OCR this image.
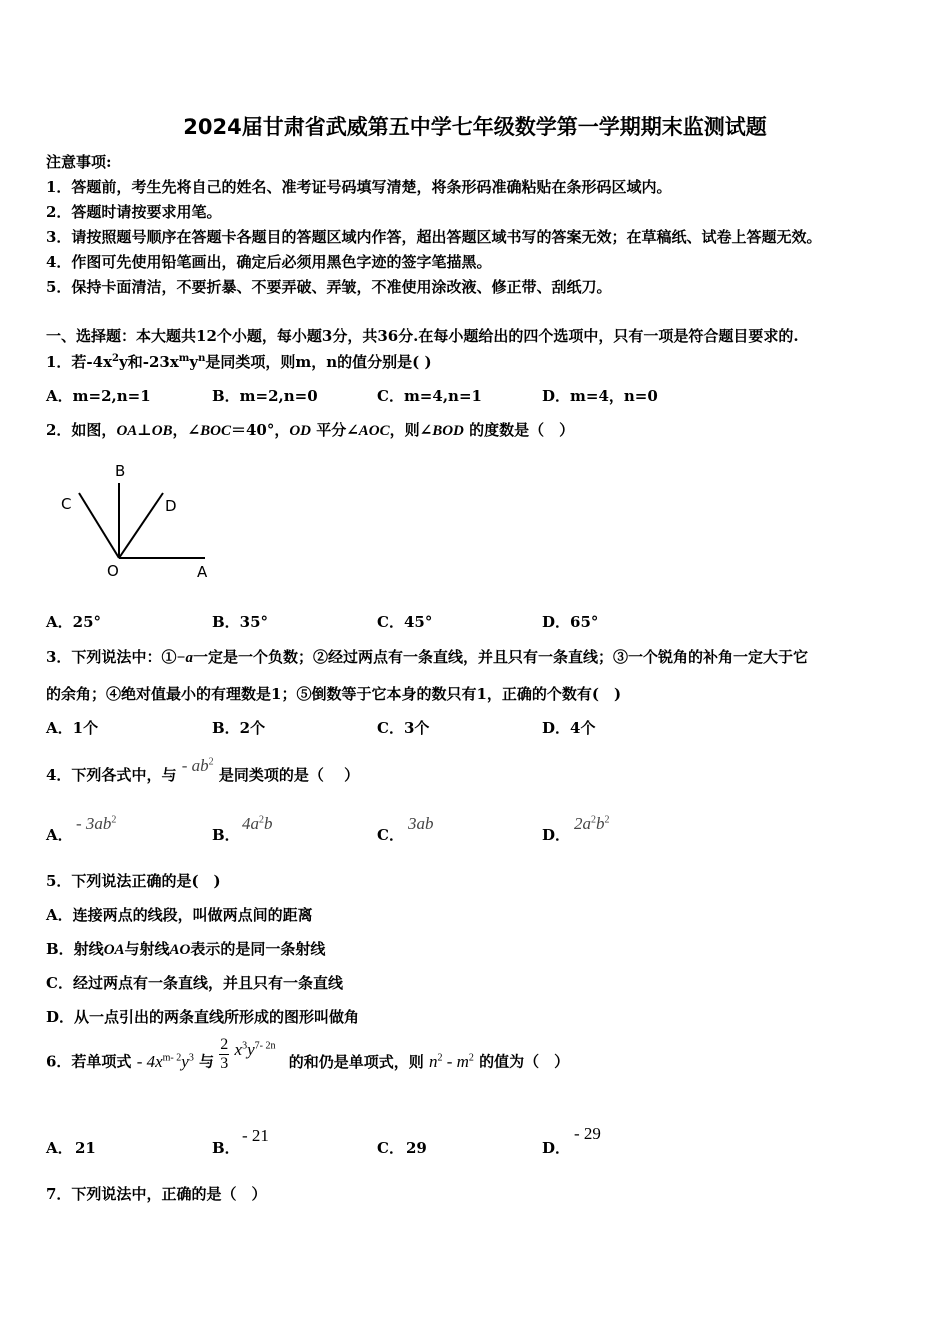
2024届甘肃省武威第五中学七年级数学第一学期期末监测试题
注意事项:
1．答题前，考生先将自己的姓名、准考证号码填写清楚，将条形码准确粘贴在条形码区域内。
2．答题时请按要求用笔。
3．请按照题号顺序在答题卡各题目的答题区域内作答，超出答题区域书写的答案无效；在草稿纸、试卷上答题无效。
4．作图可先使用铅笔画出，确定后必须用黑色字迹的签字笔描黑。
5．保持卡面清洁，不要折暴、不要弄破、弄皱，不准使用涂改液、修正带、刮纸刀。
一、选择题：本大题共12个小题，每小题3分，共36分.在每小题给出的四个选项中，只有一项是符合题目要求的.
1．若$-4x^2y$和$-23x^my^n$是同类项，则m，n的值分别是( )
A．m=2,n=1	B．m=2,n=0	C．m=4,n=1	D．m=4，n=0
2．如图，OA⊥OB，∠BOC＝40°，OD 平分∠AOC，则∠BOD 的度数是（　）
B
C	D
O	A
A．25°	B．35°	C．45°	D．65°
3．下列说法中：①−a一定是一个负数；②经过两点有一条直线，并且只有一条直线；③一个锐角的补角一定大于它
的余角；④绝对值最小的有理数是1；⑤倒数等于它本身的数只有1，正确的个数有(　)
A．1个	B．2个	C．3个	D．4个
4．下列各式中，与 - $ab^2$ 是同类项的是（　 ）
A．
- $3ab^2$
B．
$4a^2b$
C．
3ab
D．
$2a^2b^2$
5．下列说法正确的是(　)
A．连接两点的线段，叫做两点间的距离
B．射线OA与射线AO表示的是同一条射线
C．经过两点有一条直线，并且只有一条直线
D．从一点引出的两条直线所形成的图形叫做角
6．若单项式 - $4x^{m- 2}y^3$ 与 $\frac{2}{3} x^3y^{7- 2n}$ 的和仍是单项式，则 $n^2 - m^2$ 的值为（　）
A． 21	B．
- 21
C． 29	D．
- 29
7．下列说法中，正确的是（　）
